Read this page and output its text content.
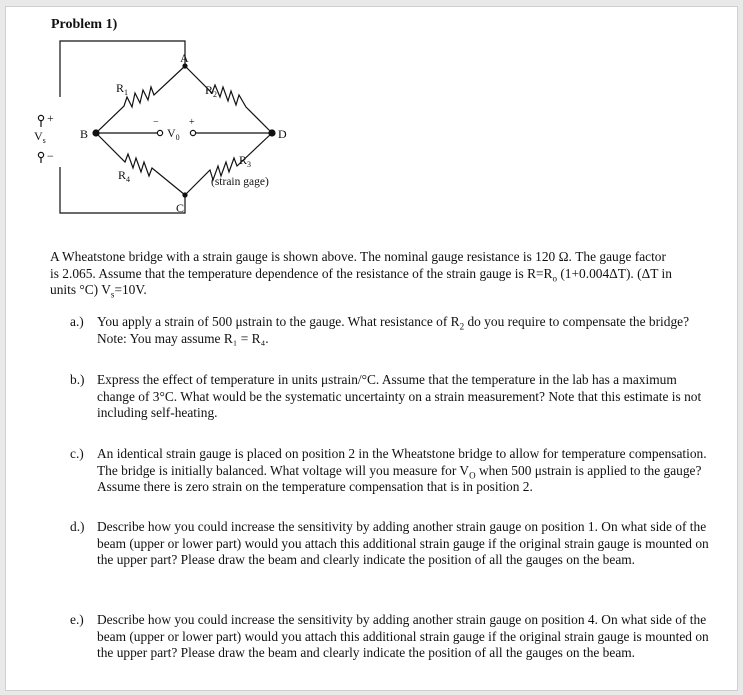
Problem 1)
A
B
C
D
$R_1$	$R_2$
$R_4$
$R_3$
(strain gage)
$V_s$
+
−
$V_0$
−	+
A Wheatstone bridge with a strain gauge is shown above. The nominal gauge resistance is 120 Ω. The gauge factor
is 2.065. Assume that the temperature dependence of the resistance of the strain gauge is $R=R_o$ (1+0.004ΔT). (ΔT in
units °C) $V_s=10V$.
a.) You apply a strain of 500 μstrain to the gauge. What resistance of $R_2$ do you require to compensate the bridge? Note: You may assume R₁ = R₄.
b.) Express the effect of temperature in units μstrain/°C. Assume that the temperature in the lab has a maximum change of 3°C. What would be the systematic uncertainty on a strain measurement? Note that this estimate is not including self-heating.
c.) An identical strain gauge is placed on position 2 in the Wheatstone bridge to allow for temperature compensation. The bridge is initially balanced. What voltage will you measure for $V_O$ when 500 μstrain is applied to the gauge? Assume there is zero strain on the temperature compensation that is in position 2.
d.) Describe how you could increase the sensitivity by adding another strain gauge on position 1. On what side of the beam (upper or lower part) would you attach this additional strain gauge if the original strain gauge is mounted on the upper part? Please draw the beam and clearly indicate the position of all the gauges on the beam.
e.) Describe how you could increase the sensitivity by adding another strain gauge on position 4. On what side of the beam (upper or lower part) would you attach this additional strain gauge if the original strain gauge is mounted on the upper part? Please draw the beam and clearly indicate the position of all the gauges on the beam.
